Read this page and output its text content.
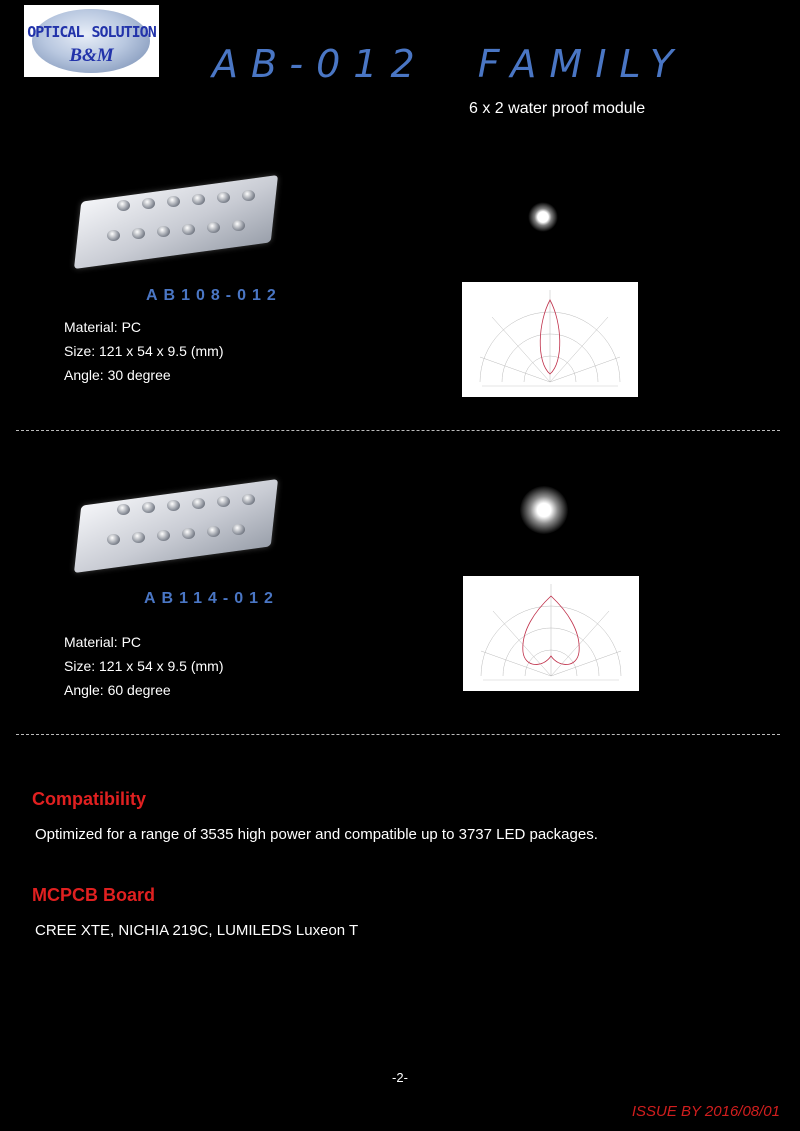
OPTICAL SOLUTION
B&M	AB-012  FAMILY
6 x 2 water proof module
AB108-012
Material: PC
Size: 121 x 54 x 9.5 (mm)
Angle: 30 degree
AB114-012
Material: PC
Size: 121 x 54 x 9.5 (mm)
Angle: 60 degree
Compatibility
Optimized for a range of 3535 high power and compatible up to 3737 LED packages.
MCPCB Board
CREE XTE, NICHIA 219C, LUMILEDS Luxeon T
-2-
ISSUE BY 2016/08/01
